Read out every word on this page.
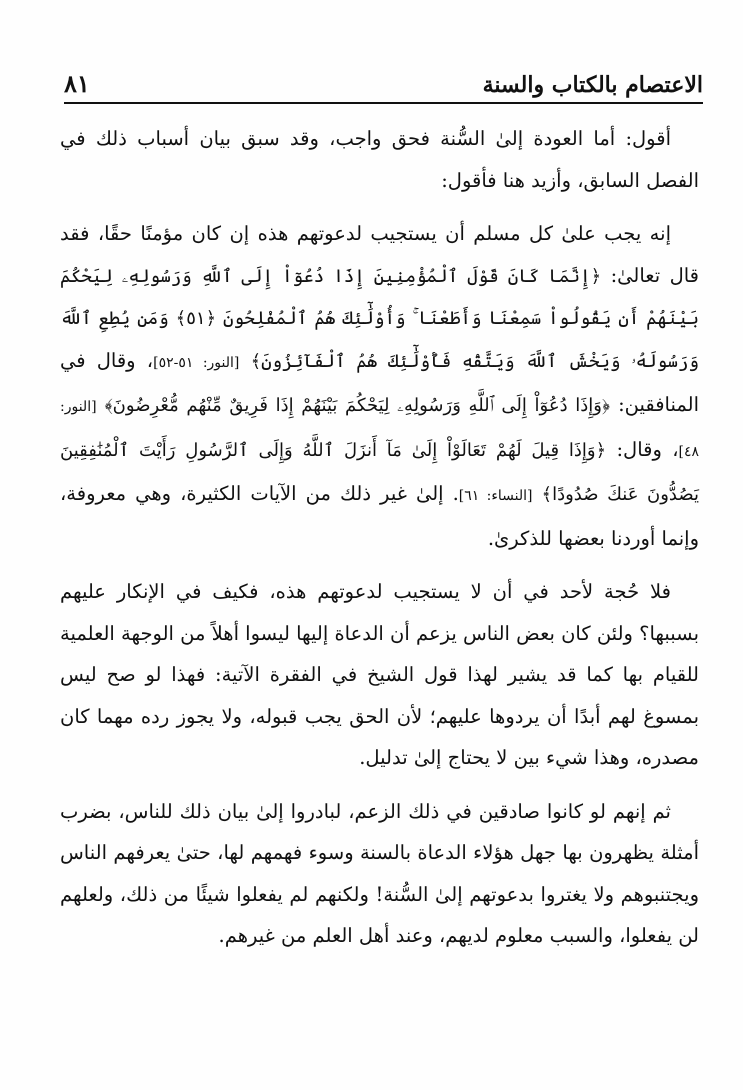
٨١	الاعتصام بالكتاب والسنة

أقول: أما العودة إلىٰ السُّنة فحق واجب، وقد سبق بيان أسباب ذلك في الفصل السابق، وأزيد هنا فأقول:

إنه يجب علىٰ كل مسلم أن يستجيب لدعوتهم هذه إن كان مؤمنًا حقًا، فقد قال تعالىٰ: ﴿إِنَّمَا كَانَ قَوْلَ ٱلْمُؤْمِنِينَ إِذَا دُعُوٓاْ إِلَى ٱللَّهِ وَرَسُولِهِۦ لِيَحْكُمَ بَيْنَهُمْ أَن يَقُولُواْ سَمِعْنَا وَأَطَعْنَا ۚ وَأُوْلَٰٓئِكَ هُمُ ٱلْمُفْلِحُونَ ﴿٥١﴾ وَمَن يُطِعِ ٱللَّهَ وَرَسُولَهُۥ وَيَخْشَ ٱللَّهَ وَيَتَّقْهِ فَأُوْلَٰٓئِكَ هُمُ ٱلْفَآئِزُونَ﴾ [النور: ٥١-٥٢]، وقال في المنافقين: ﴿وَإِذَا دُعُوٓاْ إِلَى ٱللَّهِ وَرَسُولِهِۦ لِيَحْكُمَ بَيْنَهُمْ إِذَا فَرِيقٌ مِّنْهُم مُّعْرِضُونَ﴾ [النور: ٤٨]، وقال: ﴿وَإِذَا قِيلَ لَهُمْ تَعَالَوْاْ إِلَىٰ مَآ أَنزَلَ ٱللَّهُ وَإِلَى ٱلرَّسُولِ رَأَيْتَ ٱلْمُنَٰفِقِينَ يَصُدُّونَ عَنكَ صُدُودًا﴾ [النساء: ٦١]. إلىٰ غير ذلك من الآيات الكثيرة، وهي معروفة، وإنما أوردنا بعضها للذكرىٰ.

فلا حُجة لأحد في أن لا يستجيب لدعوتهم هذه، فكيف في الإنكار عليهم بسببها؟ ولئن كان بعض الناس يزعم أن الدعاة إليها ليسوا أهلاً من الوجهة العلمية للقيام بها كما قد يشير لهذا قول الشيخ في الفقرة الآتية: فهذا لو صح ليس بمسوغ لهم أبدًا أن يردوها عليهم؛ لأن الحق يجب قبوله، ولا يجوز رده مهما كان مصدره، وهذا شيء بين لا يحتاج إلىٰ تدليل.

ثم إنهم لو كانوا صادقين في ذلك الزعم، لبادروا إلىٰ بيان ذلك للناس، بضرب أمثلة يظهرون بها جهل هؤلاء الدعاة بالسنة وسوء فهمهم لها، حتىٰ يعرفهم الناس ويجتنبوهم ولا يغتروا بدعوتهم إلىٰ السُّنة! ولكنهم لم يفعلوا شيئًا من ذلك، ولعلهم لن يفعلوا، والسبب معلوم لديهم، وعند أهل العلم من غيرهم.
